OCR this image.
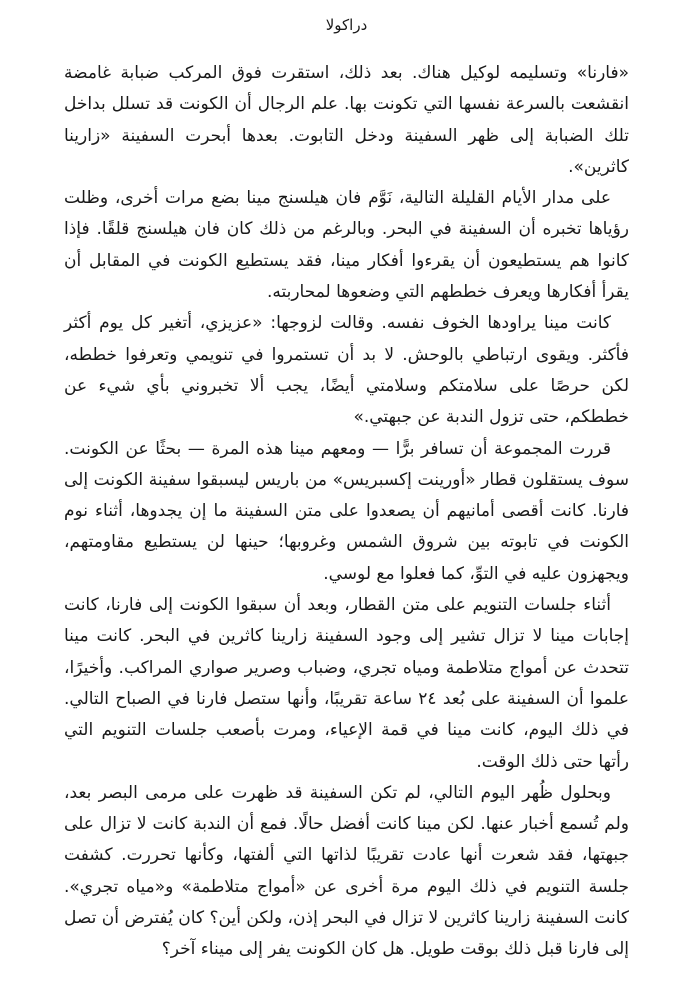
دراكولا

«فارنا» وتسليمه لوكيل هناك. بعد ذلك، استقرت فوق المركب ضبابة غامضة انقشعت بالسرعة نفسها التي تكونت بها. علم الرجال أن الكونت قد تسلل بداخل تلك الضبابة إلى ظهر السفينة ودخل التابوت. بعدها أبحرت السفينة «زارينا كاثرين».

على مدار الأيام القليلة التالية، نَوَّم فان هيلسنج مينا بضع مرات أخرى، وظلت رؤياها تخبره أن السفينة في البحر. وبالرغم من ذلك كان فان هيلسنج قلقًا. فإذا كانوا هم يستطيعون أن يقرءوا أفكار مينا، فقد يستطيع الكونت في المقابل أن يقرأ أفكارها ويعرف خططهم التي وضعوها لمحاربته.

كانت مينا يراودها الخوف نفسه. وقالت لزوجها: «عزيزي، أتغير كل يوم أكثر فأكثر. ويقوى ارتباطي بالوحش. لا بد أن تستمروا في تنويمي وتعرفوا خططه، لكن حرصًا على سلامتكم وسلامتي أيضًا، يجب ألا تخبروني بأي شيء عن خططكم، حتى تزول الندبة عن جبهتي.»

قررت المجموعة أن تسافر برًّا — ومعهم مينا هذه المرة — بحثًا عن الكونت. سوف يستقلون قطار «أورينت إكسبريس» من باريس ليسبقوا سفينة الكونت إلى فارنا. كانت أقصى أمانيهم أن يصعدوا على متن السفينة ما إن يجدوها، أثناء نوم الكونت في تابوته بين شروق الشمس وغروبها؛ حينها لن يستطيع مقاومتهم، ويجهزون عليه في التوِّ، كما فعلوا مع لوسي.

أثناء جلسات التنويم على متن القطار، وبعد أن سبقوا الكونت إلى فارنا، كانت إجابات مينا لا تزال تشير إلى وجود السفينة زارينا كاثرين في البحر. كانت مينا تتحدث عن أمواج متلاطمة ومياه تجري، وضباب وصرير صواري المراكب. وأخيرًا، علموا أن السفينة على بُعد ٢٤ ساعة تقريبًا، وأنها ستصل فارنا في الصباح التالي. في ذلك اليوم، كانت مينا في قمة الإعياء، ومرت بأصعب جلسات التنويم التي رأتها حتى ذلك الوقت.

وبحلول ظُهر اليوم التالي، لم تكن السفينة قد ظهرت على مرمى البصر بعد، ولم تُسمع أخبار عنها. لكن مينا كانت أفضل حالًا. فمع أن الندبة كانت لا تزال على جبهتها، فقد شعرت أنها عادت تقريبًا لذاتها التي ألفتها، وكأنها تحررت. كشفت جلسة التنويم في ذلك اليوم مرة أخرى عن «أمواج متلاطمة» و«مياه تجري». كانت السفينة زارينا كاثرين لا تزال في البحر إذن، ولكن أين؟ كان يُفترض أن تصل إلى فارنا قبل ذلك بوقت طويل. هل كان الكونت يفر إلى ميناء آخر؟
